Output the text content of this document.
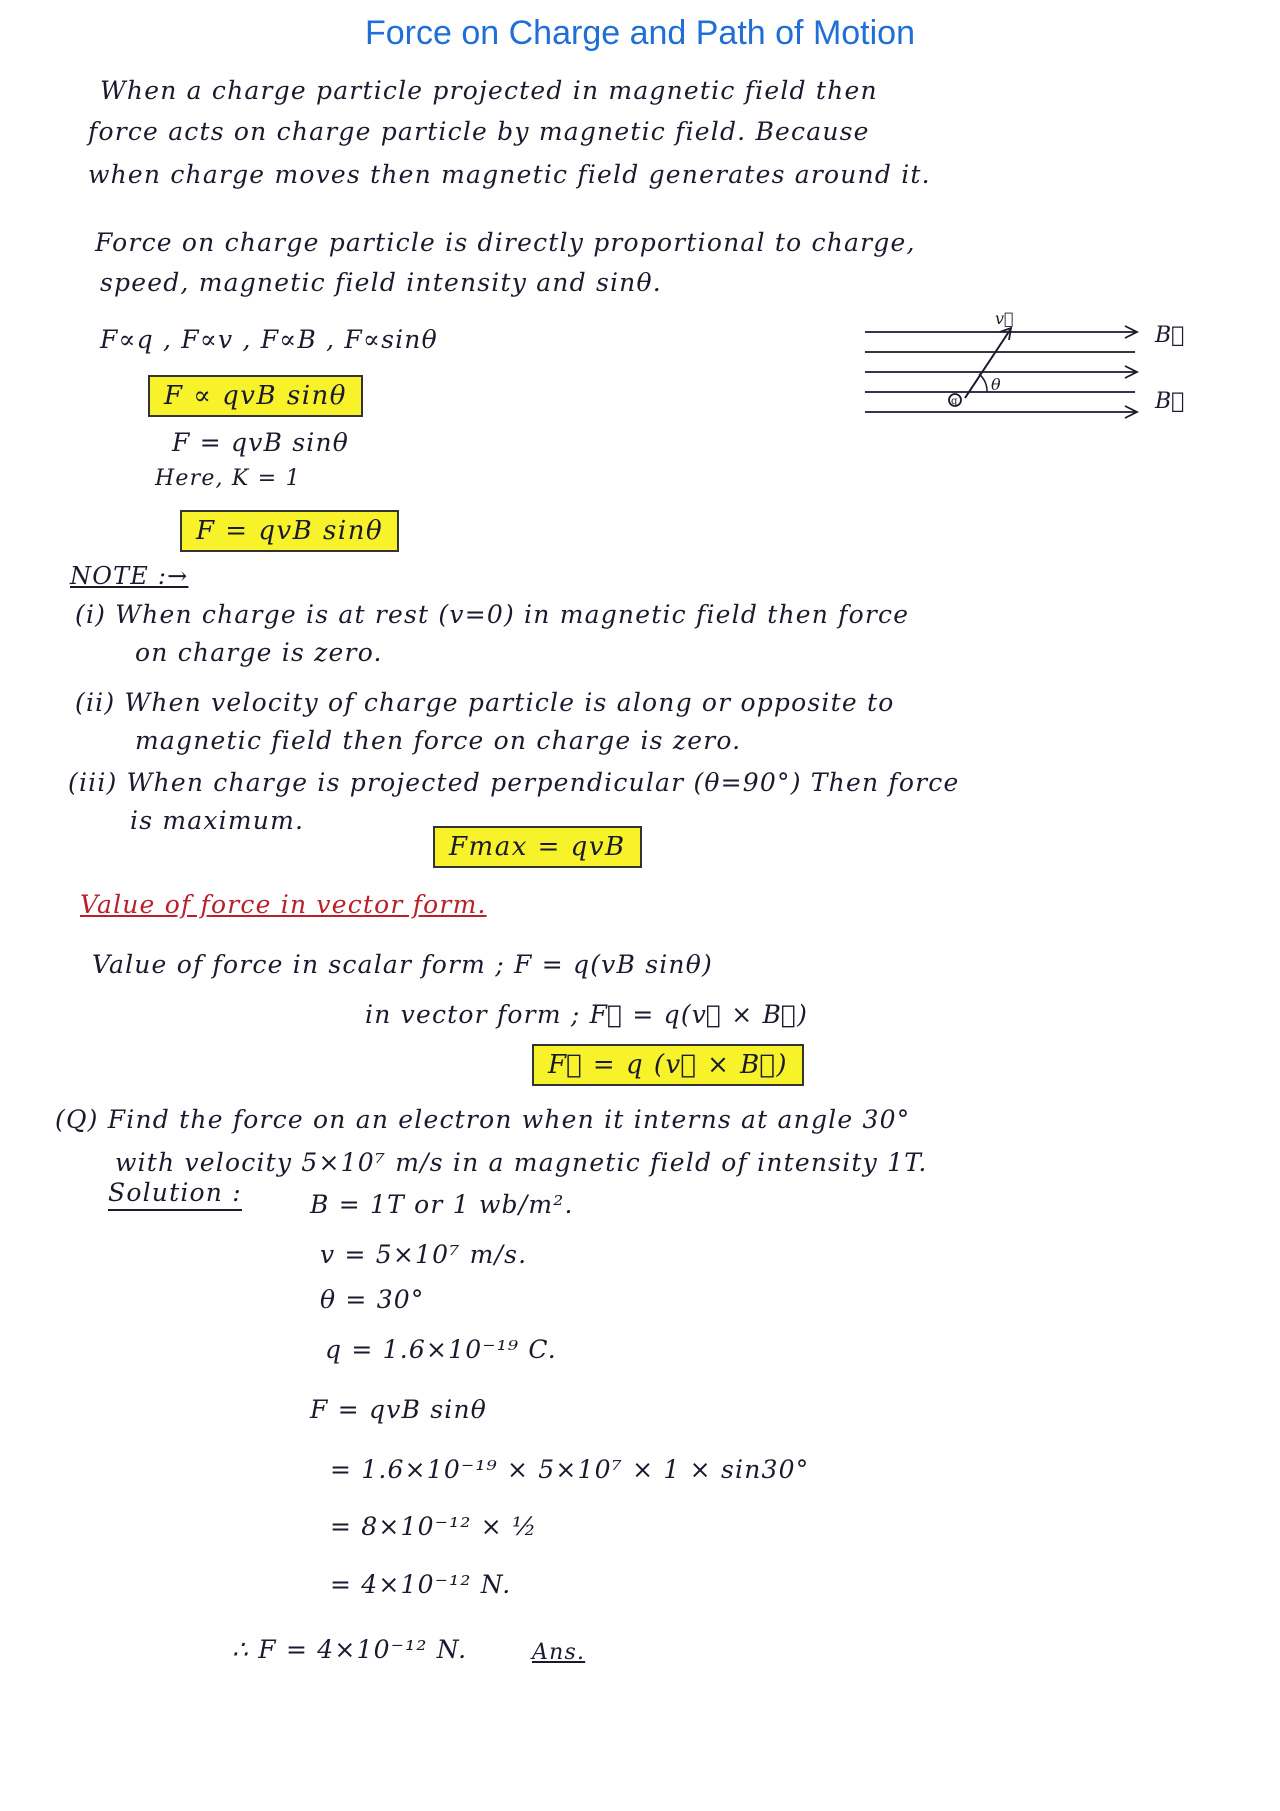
Force on Charge and Path of Motion
When a charge particle projected in magnetic field then
force acts on charge particle by magnetic field. Because
when charge moves then magnetic field generates around it.
Force on charge particle is directly proportional to charge,
speed, magnetic field intensity and sinθ.
F∝q , F∝v , F∝B , F∝sinθ
F ∝ qvB sinθ
F = qvB sinθ
Here, K = 1
F = qvB sinθ
B⃗
B⃗
v⃗
θ
q
NOTE :→
(i) When charge is at rest (v=0) in magnetic field then force
on charge is zero.
(ii) When velocity of charge particle is along or opposite to
magnetic field then force on charge is zero.
(iii) When charge is projected perpendicular (θ=90°) Then force
is maximum.
Fmax = qvB
Value of force in vector form.
Value of force in scalar form ; F = q(vB sinθ)
in vector form ; F⃗ = q(v⃗ × B⃗)
F⃗ = q (v⃗ × B⃗)
(Q) Find the force on an electron when it interns at angle 30°
with velocity 5×10⁷ m/s in a magnetic field of intensity 1T.
Solution :	B = 1T or 1 wb/m².
v = 5×10⁷ m/s.
θ = 30°
q = 1.6×10⁻¹⁹ C.
F = qvB sinθ
= 1.6×10⁻¹⁹ × 5×10⁷ × 1 × sin30°
= 8×10⁻¹² × ½
= 4×10⁻¹² N.
∴ F = 4×10⁻¹² N.	Ans.
